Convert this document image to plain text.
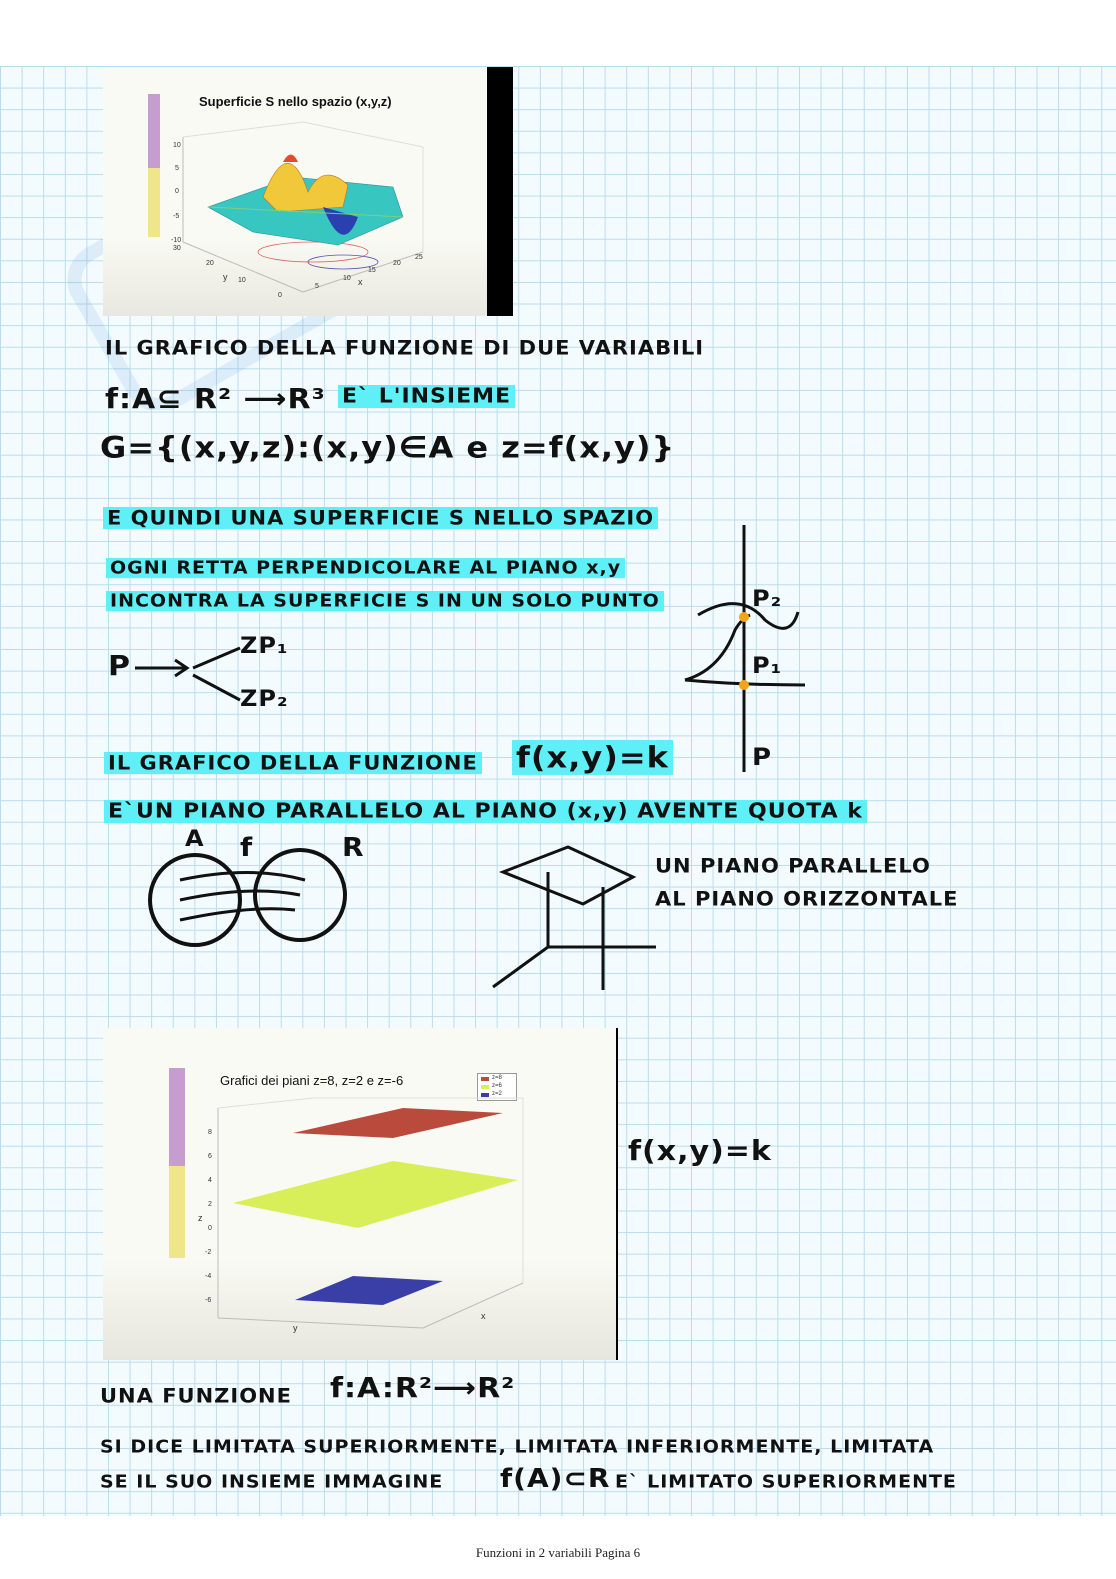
Superficie S nello spazio (x,y,z)
10
5
0
-5
-10
30
20
10
0
y
5
10
15
20
25
x
IL GRAFICO DELLA FUNZIONE DI DUE VARIABILI
f:A⊆ R² ⟶R³ E` L'INSIEME
G={(x,y,z):(x,y)∈A e z=f(x,y)}
E QUINDI UNA SUPERFICIE S NELLO SPAZIO
OGNI RETTA PERPENDICOLARE AL PIANO x,y
INCONTRA LA SUPERFICIE S IN UN SOLO PUNTO
P
ZP₁
ZP₂
P₂
P₁
P
IL GRAFICO DELLA FUNZIONE f(x,y)=k
E`UN PIANO PARALLELO AL PIANO (x,y) AVENTE QUOTA k
A f	R
UN PIANO PARALLELO
AL PIANO ORIZZONTALE
Grafici dei piani z=8, z=2 e z=-6	z=8
z=6
z=2
8
6
4
2
0
-2
-4
-6
z
y
x
f(x,y)=k
UNA FUNZIONE f:A:R²⟶R²
SI DICE LIMITATA SUPERIORMENTE, LIMITATA INFERIORMENTE, LIMITATA
SE IL SUO INSIEME IMMAGINE f(A)⊂R E` LIMITATO SUPERIORMENTE
Funzioni in 2 variabili Pagina 6
